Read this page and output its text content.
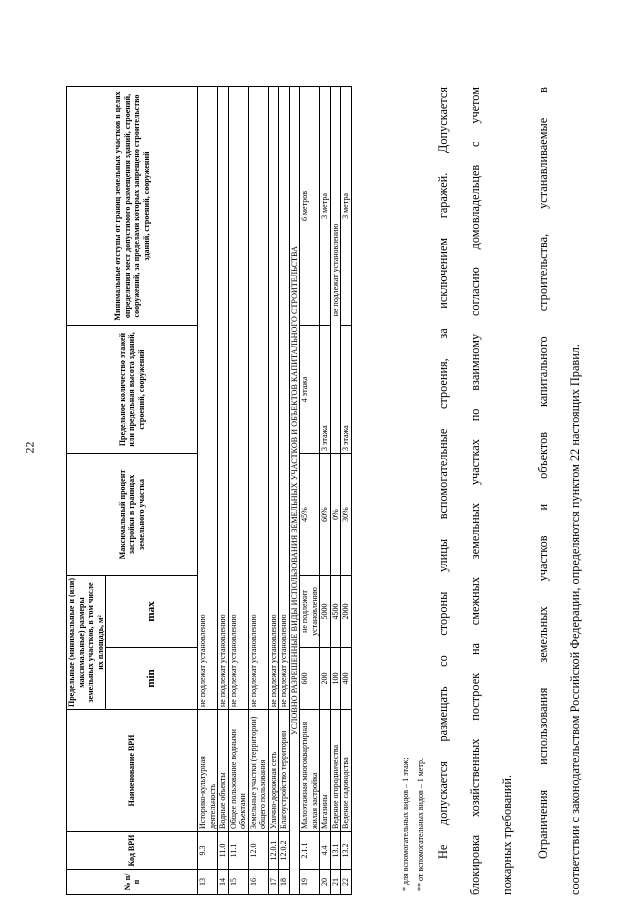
22
№ п/п	Код ВРИ	Наименование ВРИ	Предельные (минимальные и (или) максимальные) размеры земельных участков, в том числе их площадь, м²		Максимальный процент застройки в границах земельного участка	Предельное количество этажей или предельная высота зданий, строений, сооружений	Минимальные отступы от границ земельных участков в целях определения мест допустимого размещения зданий, строений, сооружений, за пределами которых запрещено строительство зданий, строений, сооружений
			min	max			
13	9.3	Историко-культурная деятельность	не подлежат установлению				
14	11.0	Водные объекты	не подлежат установлению				
15	11.1	Общее пользование водными объектами	не подлежат установлению				
16	12.0	Земельные участки (территории) общего пользования	не подлежат установлению				
17	12.0.1	Улично-дорожная сеть	не подлежат установлению				
18	12.0.2	Благоустройство территории	не подлежат установлению				
УСЛОВНО РАЗРЕШЕННЫЕ ВИДЫ ИСПОЛЬЗОВАНИЯ ЗЕМЕЛЬНЫХ УЧАСТКОВ И ОБЪЕКТОВ КАПИТАЛЬНОГО СТРОИТЕЛЬСТВА							
19	2.1.1	Малоэтажная многоквартирная жилая застройка	600	не подлежит установлению	45%	4 этажа	6 метров
20	4.4	Магазины	200	5000	60%	3 этажа	3 метра
21	13.1	Ведение огородничества	100	4500	0%	не подлежат установлению	
22	13.2	Ведение садоводства	400	2000	30%	3 этажа	3 метра
* для вспомогательных видов – 1 этаж; ** от вспомогательных видов – 1 метр. Не допускается размещать со стороны улицы вспомогательные строения, за исключением гаражей. Допускается	блокировка хозяйственных построек на смежных земельных участках по взаимному согласию домовладельцев с учетом	пожарных требований.	Ограничения использования земельных участков и объектов капитального строительства, устанавливаемые в	соответствии с законодательством Российской Федерации, определяются пунктом 22 настоящих Правил.
